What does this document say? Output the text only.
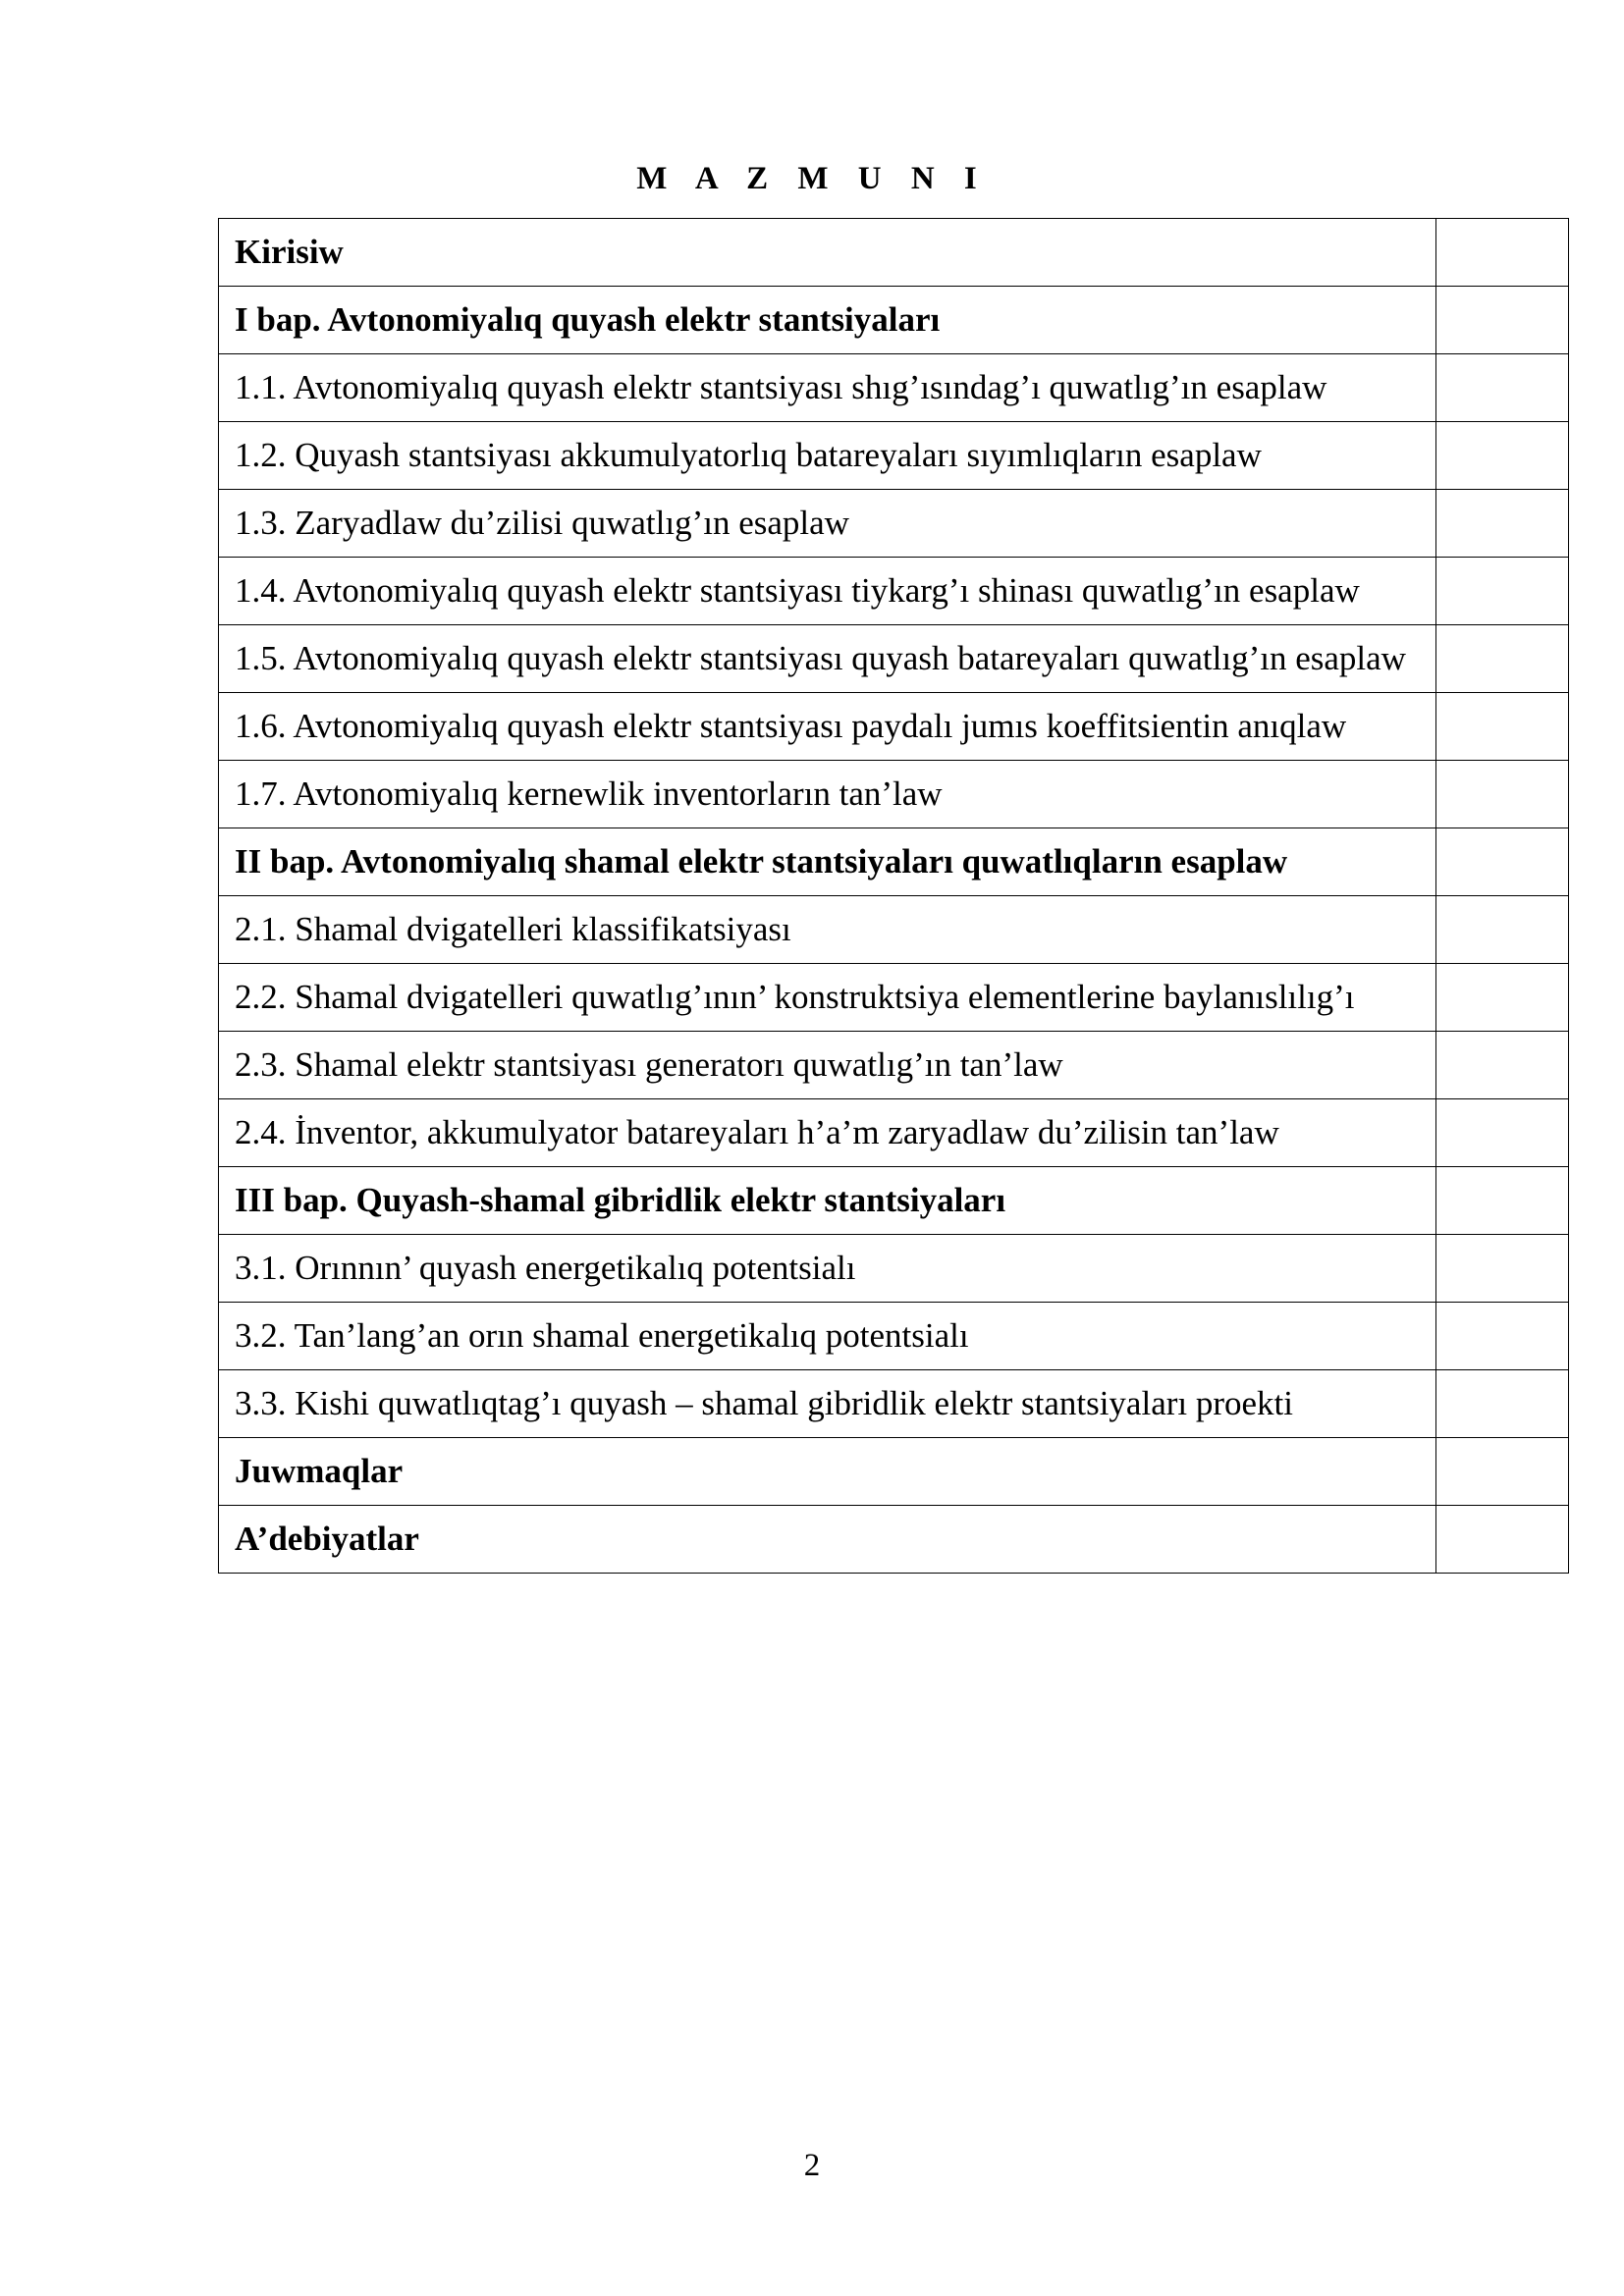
M A Z M U N I
Kirisiw	
I bap. Avtonomiyalıq quyash elektr stantsiyaları	
1.1. Avtonomiyalıq quyash elektr stantsiyası shıg’ısındag’ı quwatlıg’ın esaplaw	
1.2. Quyash stantsiyası akkumulyatorlıq batareyaları sıyımlıqların esaplaw	
1.3. Zaryadlaw du’zilisi quwatlıg’ın esaplaw	
1.4. Avtonomiyalıq quyash elektr stantsiyası tiykarg’ı shinası quwatlıg’ın esaplaw	
1.5. Avtonomiyalıq quyash elektr stantsiyası quyash batareyaları quwatlıg’ın esaplaw	
1.6. Avtonomiyalıq quyash elektr stantsiyası paydalı jumıs koeffitsientin anıqlaw	
1.7. Avtonomiyalıq kernewlik inventorların tan’law	
II bap. Avtonomiyalıq shamal elektr stantsiyaları quwatlıqların esaplaw	
2.1. Shamal dvigatelleri klassifikatsiyası	
2.2. Shamal dvigatelleri quwatlıg’ının’ konstruktsiya elementlerine baylanıslılıg’ı	
2.3. Shamal elektr stantsiyası generatorı quwatlıg’ın tan’law	
2.4. İnventor, akkumulyator batareyaları h’a’m zaryadlaw du’zilisin tan’law	
III bap. Quyash-shamal gibridlik elektr stantsiyaları	
3.1. Orınnın’ quyash energetikalıq potentsialı	
3.2. Tan’lang’an orın shamal energetikalıq potentsialı	
3.3. Kishi quwatlıqtag’ı quyash – shamal gibridlik elektr stantsiyaları proekti	
Juwmaqlar	
A’debiyatlar	
2
